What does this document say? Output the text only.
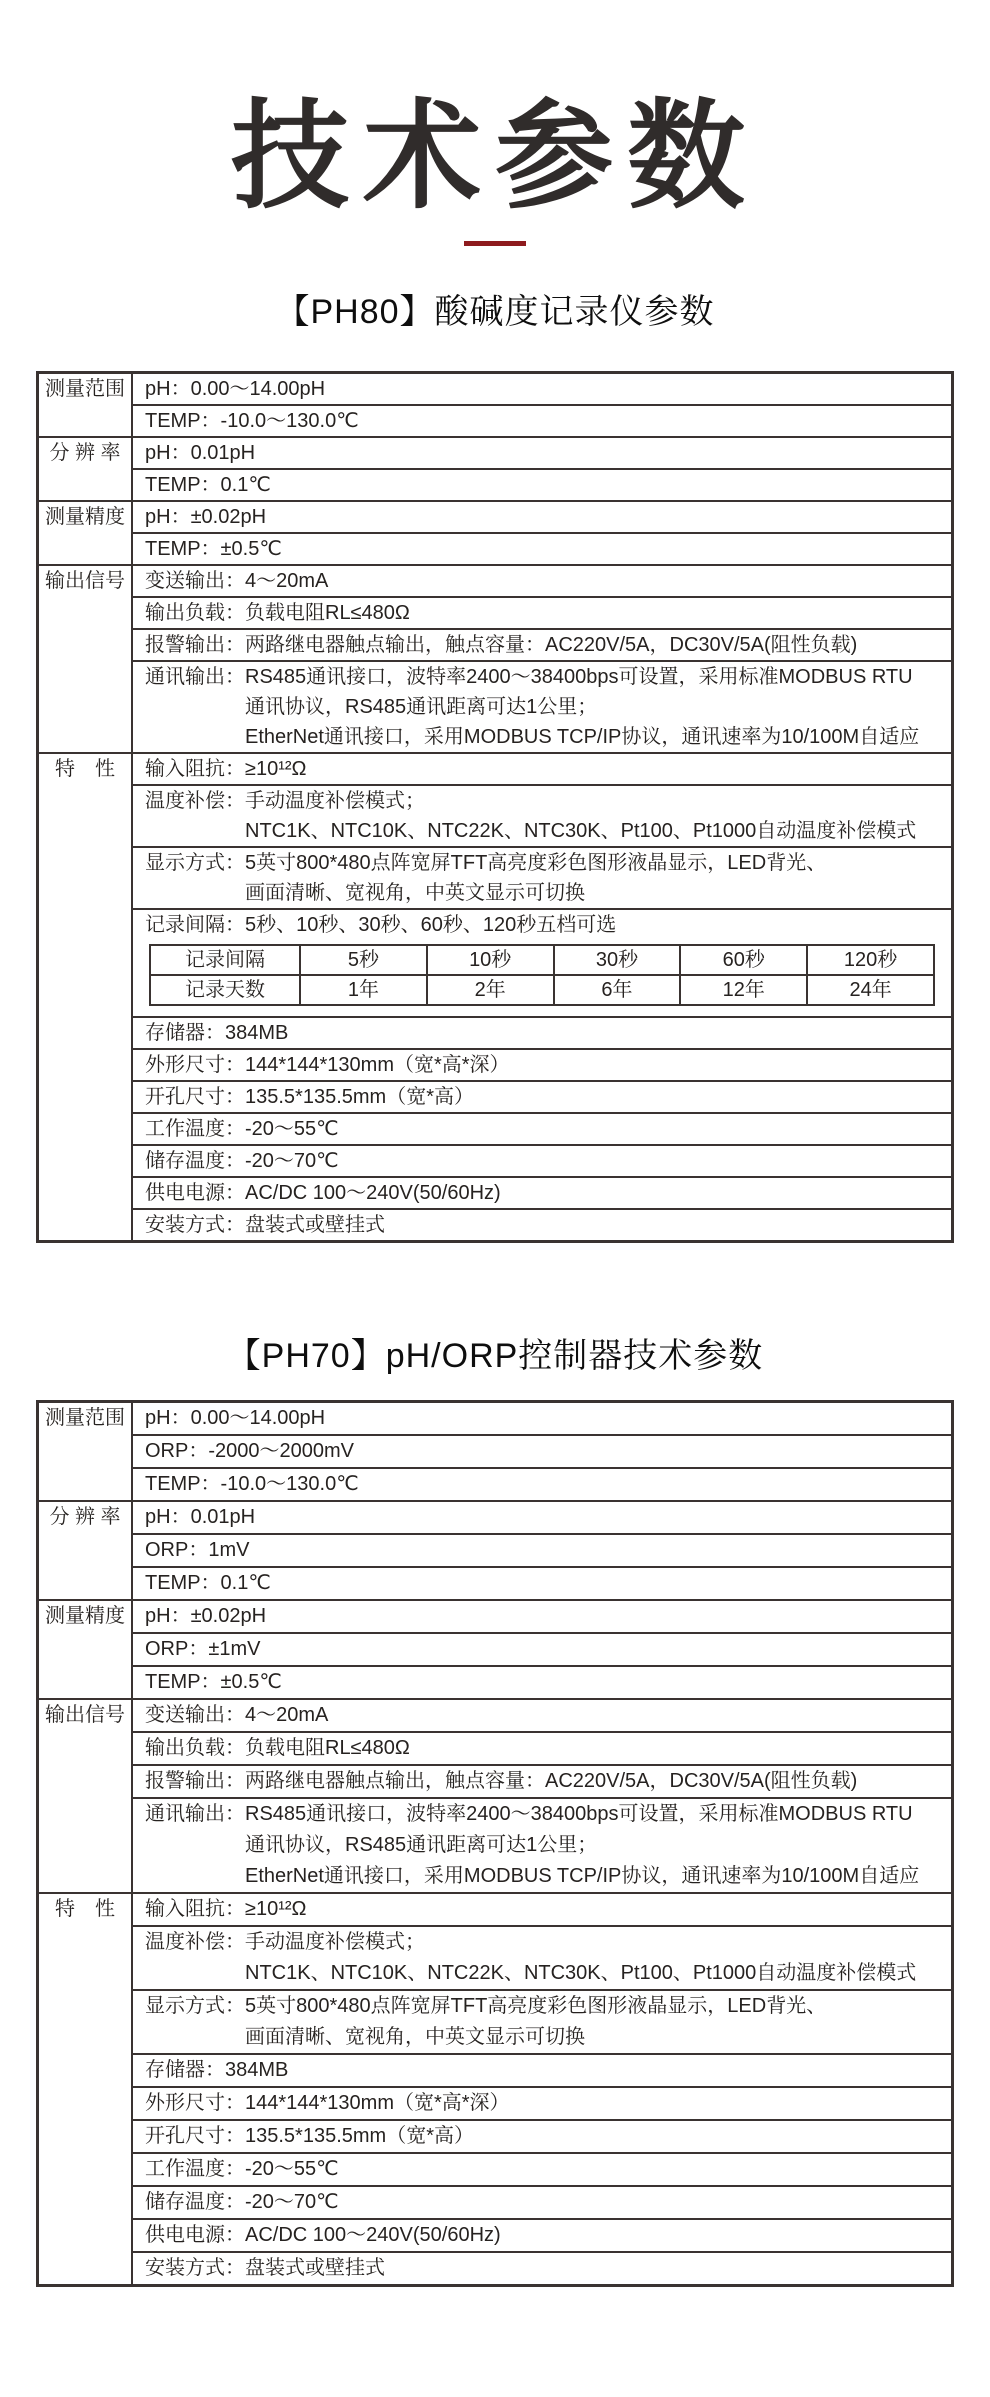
技术参数
【PH80】酸碱度记录仪参数
测量范围	pH：0.00～14.00pH
TEMP：-10.0～130.0℃
分 辨 率	pH：0.01pH
TEMP：0.1℃
测量精度	pH：±0.02pH
TEMP：±0.5℃
输出信号	变送输出：4～20mA
输出负载：负载电阻RL≤480Ω
报警输出：两路继电器触点输出，触点容量：AC220V/5A，DC30V/5A(阻性负载)
通讯输出： RS485通讯接口，波特率2400～38400bps可设置，采用标准MODBUS RTU
通讯协议，RS485通讯距离可达1公里；
EtherNet通讯接口，采用MODBUS TCP/IP协议，通讯速率为10/100M自适应
特　性	输入阻抗：≥10¹²Ω
温度补偿： 手动温度补偿模式；
NTC1K、NTC10K、NTC22K、NTC30K、Pt100、Pt1000自动温度补偿模式
显示方式： 5英寸800*480点阵宽屏TFT高亮度彩色图形液晶显示，LED背光、
画面清晰、宽视角，中英文显示可切换
记录间隔：5秒、10秒、30秒、60秒、120秒五档可选
记录间隔	5秒	10秒	30秒	60秒	120秒
记录天数	1年	2年	6年	12年	24年
存储器：384MB
外形尺寸：144*144*130mm（宽*高*深）
开孔尺寸：135.5*135.5mm（宽*高）
工作温度：-20～55℃
储存温度：-20～70℃
供电电源：AC/DC 100～240V(50/60Hz)
安装方式：盘装式或壁挂式
【PH70】pH/ORP控制器技术参数
测量范围	pH：0.00～14.00pH
ORP：-2000～2000mV
TEMP：-10.0～130.0℃
分 辨 率	pH：0.01pH
ORP：1mV
TEMP：0.1℃
测量精度	pH：±0.02pH
ORP：±1mV
TEMP：±0.5℃
输出信号	变送输出：4～20mA
输出负载：负载电阻RL≤480Ω
报警输出：两路继电器触点输出，触点容量：AC220V/5A，DC30V/5A(阻性负载)
通讯输出： RS485通讯接口，波特率2400～38400bps可设置，采用标准MODBUS RTU
通讯协议，RS485通讯距离可达1公里；
EtherNet通讯接口，采用MODBUS TCP/IP协议，通讯速率为10/100M自适应
特　性	输入阻抗：≥10¹²Ω
温度补偿： 手动温度补偿模式；
NTC1K、NTC10K、NTC22K、NTC30K、Pt100、Pt1000自动温度补偿模式
显示方式： 5英寸800*480点阵宽屏TFT高亮度彩色图形液晶显示，LED背光、
画面清晰、宽视角，中英文显示可切换
存储器：384MB
外形尺寸：144*144*130mm（宽*高*深）
开孔尺寸：135.5*135.5mm（宽*高）
工作温度：-20～55℃
储存温度：-20～70℃
供电电源：AC/DC 100～240V(50/60Hz)
安装方式：盘装式或壁挂式
